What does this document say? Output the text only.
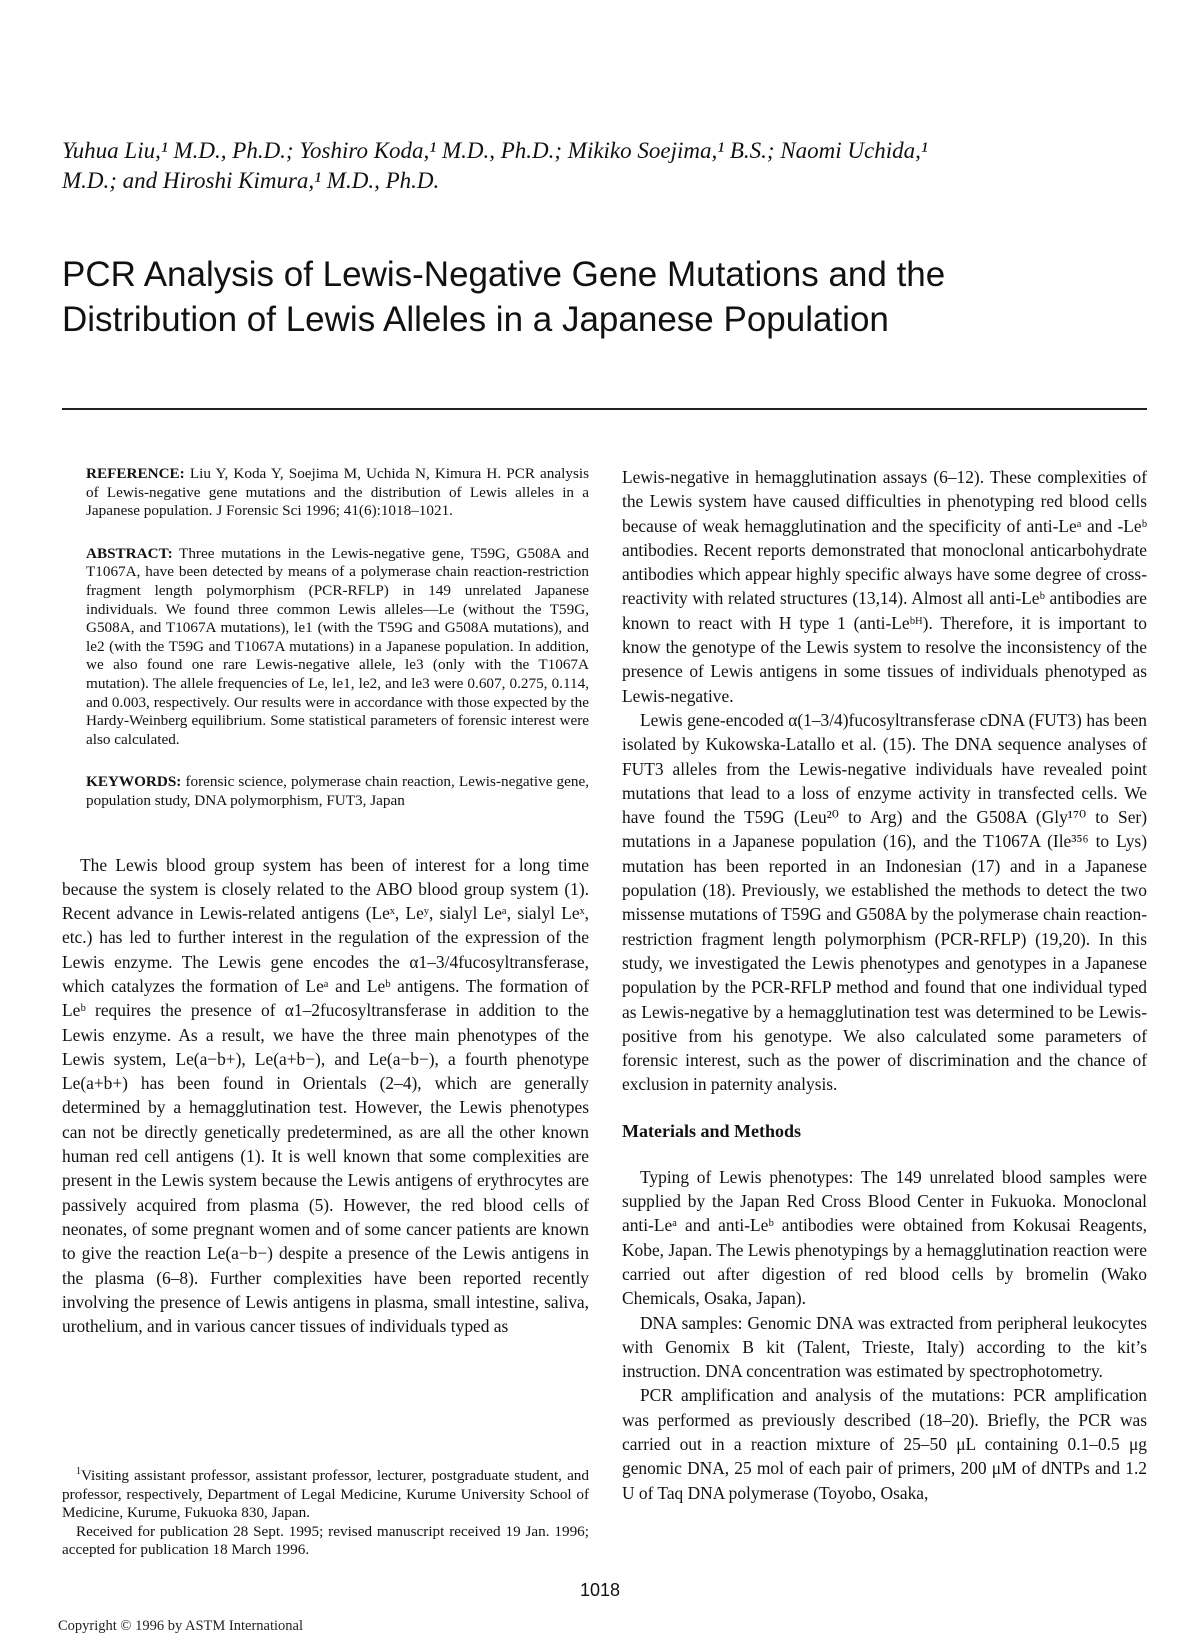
Yuhua Liu,¹ M.D., Ph.D.; Yoshiro Koda,¹ M.D., Ph.D.; Mikiko Soejima,¹ B.S.; Naomi Uchida,¹
M.D.; and Hiroshi Kimura,¹ M.D., Ph.D.
PCR Analysis of Lewis-Negative Gene Mutations and the
Distribution of Lewis Alleles in a Japanese Population

REFERENCE: Liu Y, Koda Y, Soejima M, Uchida N, Kimura H. PCR analysis of Lewis-negative gene mutations and the distribution of Lewis alleles in a Japanese population. J Forensic Sci 1996; 41(6):1018–1021.

ABSTRACT: Three mutations in the Lewis-negative gene, T59G, G508A and T1067A, have been detected by means of a polymerase chain reaction-restriction fragment length polymorphism (PCR-RFLP) in 149 unrelated Japanese individuals. We found three common Lewis alleles—Le (without the T59G, G508A, and T1067A mutations), le1 (with the T59G and G508A mutations), and le2 (with the T59G and T1067A mutations) in a Japanese population. In addition, we also found one rare Lewis-negative allele, le3 (only with the T1067A mutation). The allele frequencies of Le, le1, le2, and le3 were 0.607, 0.275, 0.114, and 0.003, respectively. Our results were in accordance with those expected by the Hardy-Weinberg equilibrium. Some statistical parameters of forensic interest were also calculated.

KEYWORDS: forensic science, polymerase chain reaction, Lewis-negative gene, population study, DNA polymorphism, FUT3, Japan

The Lewis blood group system has been of interest for a long time because the system is closely related to the ABO blood group system (1). Recent advance in Lewis-related antigens (Leˣ, Leʸ, sialyl Leᵃ, sialyl Leˣ, etc.) has led to further interest in the regulation of the expression of the Lewis enzyme. The Lewis gene encodes the α1–3/4fucosyltransferase, which catalyzes the formation of Leᵃ and Leᵇ antigens. The formation of Leᵇ requires the presence of α1–2fucosyltransferase in addition to the Lewis enzyme. As a result, we have the three main phenotypes of the Lewis system, Le(a−b+), Le(a+b−), and Le(a−b−), a fourth phenotype Le(a+b+) has been found in Orientals (2–4), which are generally determined by a hemagglutination test. However, the Lewis phenotypes can not be directly genetically predetermined, as are all the other known human red cell antigens (1). It is well known that some complexities are present in the Lewis system because the Lewis antigens of erythrocytes are passively acquired from plasma (5). However, the red blood cells of neonates, of some pregnant women and of some cancer patients are known to give the reaction Le(a−b−) despite a presence of the Lewis antigens in the plasma (6–8). Further complexities have been reported recently involving the presence of Lewis antigens in plasma, small intestine, saliva, urothelium, and in various cancer tissues of individuals typed as

$^1$Visiting assistant professor, assistant professor, lecturer, postgraduate student, and professor, respectively, Department of Legal Medicine, Kurume University School of Medicine, Kurume, Fukuoka 830, Japan.

Received for publication 28 Sept. 1995; revised manuscript received 19 Jan. 1996; accepted for publication 18 March 1996.

Lewis-negative in hemagglutination assays (6–12). These complexities of the Lewis system have caused difficulties in phenotyping red blood cells because of weak hemagglutination and the specificity of anti-Leᵃ and -Leᵇ antibodies. Recent reports demonstrated that monoclonal anticarbohydrate antibodies which appear highly specific always have some degree of cross-reactivity with related structures (13,14). Almost all anti-Leᵇ antibodies are known to react with H type 1 (anti-Leᵇᴴ). Therefore, it is important to know the genotype of the Lewis system to resolve the inconsistency of the presence of Lewis antigens in some tissues of individuals phenotyped as Lewis-negative.

Lewis gene-encoded α(1–3/4)fucosyltransferase cDNA (FUT3) has been isolated by Kukowska-Latallo et al. (15). The DNA sequence analyses of FUT3 alleles from the Lewis-negative individuals have revealed point mutations that lead to a loss of enzyme activity in transfected cells. We have found the T59G (Leu²⁰ to Arg) and the G508A (Gly¹⁷⁰ to Ser) mutations in a Japanese population (16), and the T1067A (Ile³⁵⁶ to Lys) mutation has been reported in an Indonesian (17) and in a Japanese population (18). Previously, we established the methods to detect the two missense mutations of T59G and G508A by the polymerase chain reaction-restriction fragment length polymorphism (PCR-RFLP) (19,20). In this study, we investigated the Lewis phenotypes and genotypes in a Japanese population by the PCR-RFLP method and found that one individual typed as Lewis-negative by a hemagglutination test was determined to be Lewis-positive from his genotype. We also calculated some parameters of forensic interest, such as the power of discrimination and the chance of exclusion in paternity analysis.

Materials and Methods

Typing of Lewis phenotypes: The 149 unrelated blood samples were supplied by the Japan Red Cross Blood Center in Fukuoka. Monoclonal anti-Leᵃ and anti-Leᵇ antibodies were obtained from Kokusai Reagents, Kobe, Japan. The Lewis phenotypings by a hemagglutination reaction were carried out after digestion of red blood cells by bromelin (Wako Chemicals, Osaka, Japan).

DNA samples: Genomic DNA was extracted from peripheral leukocytes with Genomix B kit (Talent, Trieste, Italy) according to the kit’s instruction. DNA concentration was estimated by spectrophotometry.

PCR amplification and analysis of the mutations: PCR amplification was performed as previously described (18–20). Briefly, the PCR was carried out in a reaction mixture of 25–50 μL containing 0.1–0.5 μg genomic DNA, 25 mol of each pair of primers, 200 μM of dNTPs and 1.2 U of Taq DNA polymerase (Toyobo, Osaka,

1018
Copyright © 1996 by ASTM International
